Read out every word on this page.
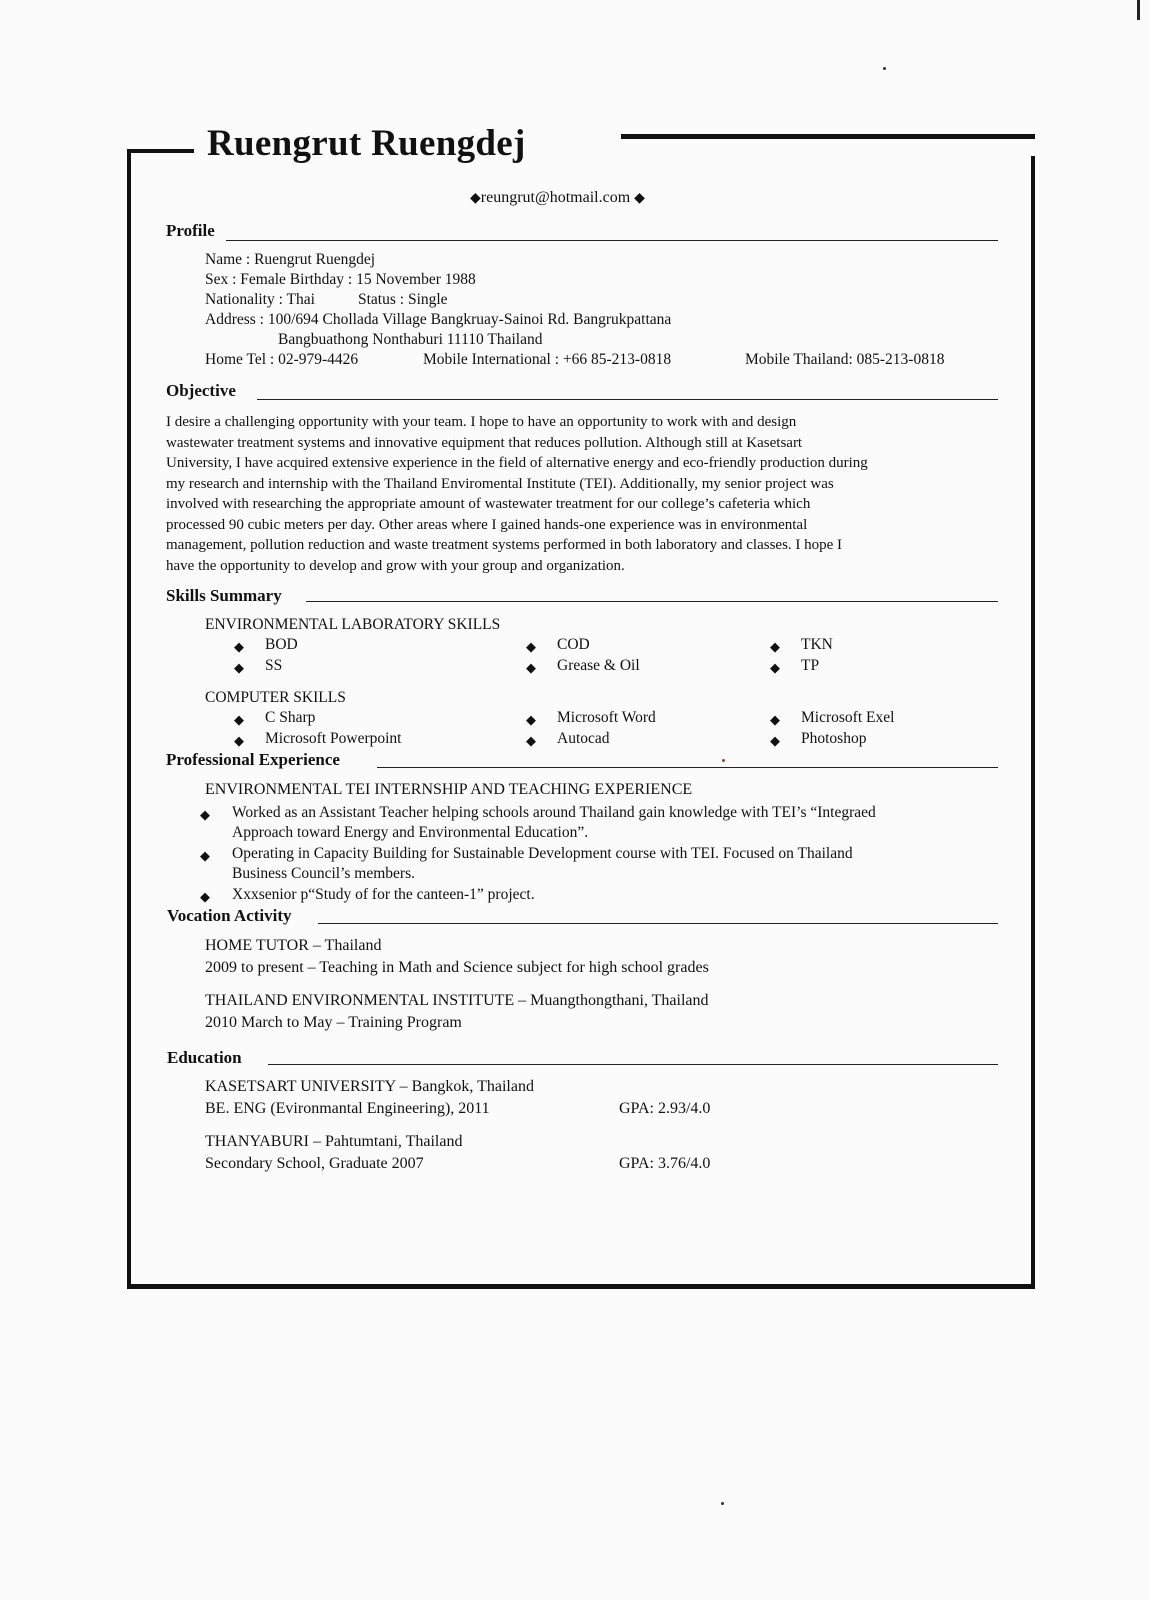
Ruengrut Ruengdej
◆reungrut@hotmail.com ◆
Profile
Name : Ruengrut Ruengdej
Sex : Female Birthday : 15 November 1988
Nationality : Thai	Status : Single
Address : 100/694 Chollada Village Bangkruay-Sainoi Rd. Bangrukpattana
Bangbuathong Nonthaburi 11110 Thailand
Home Tel : 02-979-4426	Mobile International : +66 85-213-0818	Mobile Thailand: 085-213-0818
Objective
I desire a challenging opportunity with your team. I hope to have an opportunity to work with and design
wastewater treatment systems and innovative equipment that reduces pollution. Although still at Kasetsart
University, I have acquired extensive experience in the field of alternative energy and eco-friendly production during
my research and internship with the Thailand Enviromental Institute (TEI). Additionally, my senior project was
involved with researching the appropriate amount of wastewater treatment for our college’s cafeteria which
processed 90 cubic meters per day. Other areas where I gained hands-one experience was in environmental
management, pollution reduction and waste treatment systems performed in both laboratory and classes. I hope I
have the opportunity to develop and grow with your group and organization.
Skills Summary
ENVIRONMENTAL LABORATORY SKILLS
◆ BOD	◆ COD	◆ TKN
◆ SS	◆ Grease & Oil	◆ TP
COMPUTER SKILLS
◆ C Sharp	◆ Microsoft Word	◆ Microsoft Exel
◆ Microsoft Powerpoint	◆ Autocad	◆ Photoshop
Professional Experience
ENVIRONMENTAL TEI INTERNSHIP AND TEACHING EXPERIENCE
◆ Worked as an Assistant Teacher helping schools around Thailand gain knowledge with TEI’s “Integraed
Approach toward Energy and Environmental Education”.
◆ Operating in Capacity Building for Sustainable Development course with TEI. Focused on Thailand
Business Council’s members.
◆ Xxxsenior p“Study of for the canteen-1” project.
Vocation Activity
HOME TUTOR – Thailand
2009 to present – Teaching in Math and Science subject for high school grades
THAILAND ENVIRONMENTAL INSTITUTE – Muangthongthani, Thailand
2010 March to May – Training Program
Education
KASETSART UNIVERSITY – Bangkok, Thailand
BE. ENG (Evironmantal Engineering), 2011	GPA: 2.93/4.0
THANYABURI – Pahtumtani, Thailand
Secondary School, Graduate 2007	GPA: 3.76/4.0
